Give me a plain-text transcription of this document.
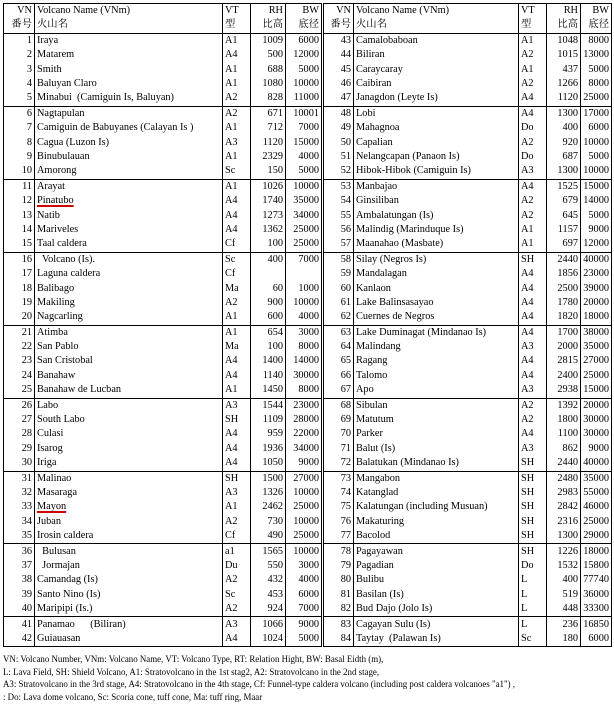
VN	Volcano Name (VNm)	VT	RH	BW	VN	Volcano Name (VNm)	VT	RH	BW
番号	火山名	型	比高	底径	番号	火山名	型	比高	底径
1	Iraya	A1	1009	6000	43	Camalobaboan	A1	1048	8000
2	Matarem	A4	500	12000	44	Biliran	A2	1015	13000
3	Smith	A1	688	5000	45	Caraycaray	A1	437	5000
4	Baluyan Claro	A1	1080	10000	46	Caibiran	A2	1266	8000
5	Minabui  (Camiguin Is, Baluyan)	A2	828	11000	47	Janagdon (Leyte Is)	A4	1120	25000
6	Nagtapulan	A2	671	10001	48	Lobi	A4	1300	17000
7	Camiguin de Babuyanes (Calayan Is )	A1	712	7000	49	Mahagnoa	Do	400	6000
8	Cagua (Luzon Is)	A3	1120	15000	50	Capalian	A2	920	10000
9	Binubulauan	A1	2329	4000	51	Nelangcapan (Panaon Is)	Do	687	5000
10	Amorong	Sc	150	5000	52	Hibok-Hibok (Camiguin Is)	A3	1300	10000
11	Arayat	A1	1026	10000	53	Manbajao	A4	1525	15000
12	Pinatubo	A4	1740	35000	54	Ginsiliban	A2	679	14000
13	Natib	A4	1273	34000	55	Ambalatungan (Is)	A2	645	5000
14	Mariveles	A4	1362	25000	56	Malindig (Marinduque Is)	A1	1157	9000
15	Taal caldera	Cf	100	25000	57	Maanahao (Masbate)	A1	697	12000
16	Volcano (Is).	Sc	400	7000	58	Silay (Negros Is)	SH	2440	40000
17	Laguna caldera	Cf			59	Mandalagan	A4	1856	23000
18	Balibago	Ma	60	1000	60	Kanlaon	A4	2500	39000
19	Makiling	A2	900	10000	61	Lake Balinsasayao	A4	1780	20000
20	Nagcarling	A1	600	4000	62	Cuernes de Negros	A4	1820	18000
21	Atimba	A1	654	3000	63	Lake Duminagat (Mindanao Is)	A4	1700	38000
22	San Pablo	Ma	100	8000	64	Malindang	A3	2000	35000
23	San Cristobal	A4	1400	14000	65	Ragang	A4	2815	27000
24	Banahaw	A4	1140	30000	66	Talomo	A4	2400	25000
25	Banahaw de Lucban	A1	1450	8000	67	Apo	A3	2938	15000
26	Labo	A3	1544	23000	68	Sibulan	A2	1392	20000
27	South Labo	SH	1109	28000	69	Matutum	A2	1800	30000
28	Culasi	A4	959	22000	70	Parker	A4	1100	30000
29	Isarog	A4	1936	34000	71	Balut (Is)	A3	862	9000
30	Iriga	A4	1050	9000	72	Balatukan (Mindanao Is)	SH	2440	40000
31	Malinao	SH	1500	27000	73	Mangabon	SH	2480	35000
32	Masaraga	A3	1326	10000	74	Katanglad	SH	2983	55000
33	Mayon	A1	2462	25000	75	Kalatungan (including Musuan)	SH	2842	46000
34	Juban	A2	730	10000	76	Makaturing	SH	2316	25000
35	Irosin caldera	Cf	490	25000	77	Bacolod	SH	1300	29000
36	Bulusan	a1	1565	10000	78	Pagayawan	SH	1226	18000
37	Jormajan	Du	550	3000	79	Pagadian	Do	1532	15800
38	Camandag (Is)	A2	432	4000	80	Bulibu	L	400	77740
39	Santo Nino (Is)	Sc	453	6000	81	Basilan (Is)	L	519	36000
40	Maripipi (Is.)	A2	924	7000	82	Bud Dajo (Jolo Is)	L	448	33300
41	Panamao      (Biliran)	A3	1066	9000	83	Cagayan Sulu (Is)	L	236	16850
42	Guiauasan	A4	1024	5000	84	Taytay  (Palawan Is)	Sc	180	6000
VN: Volcano Number, VNm: Volcano Name, VT: Volcano Type, RT: Relation Hight, BW: Basal Eidth (m),
L: Lava Field, SH: Shield Volcano, A1: Stratovolcano in the 1st stag2, A2: Stratovolcano in the 2nd stage,
A3: Stratovolcano in the 3rd stage, A4: Stratovolcano in the 4th stage, Cf: Funnel-type caldera volcano (including post caldera volcanoes "a1") ,
: Do: Lava dome volcano, Sc: Scoria cone, tuff cone, Ma: tuff ring, Maar
